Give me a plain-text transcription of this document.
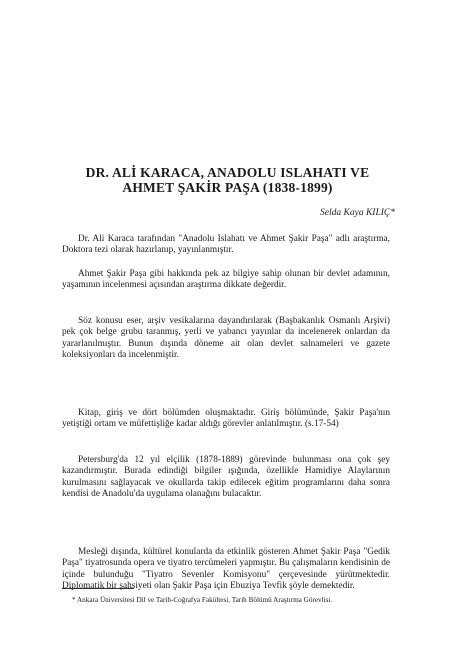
DR. ALİ KARACA, ANADOLU ISLAHATI VE
AHMET ŞAKİR PAŞA (1838-1899)

Selda Kaya KILIÇ*

Dr. Ali Karaca tarafından "Anadolu Islahatı ve Ahmet Şakir Paşa" adlı araştırma, Doktora tezi olarak hazırlanıp, yayınlanmıştır.

Ahmet Şakir Paşa gibi hakkında pek az bilgiye sahip olunan bir devlet adamının, yaşamının incelenmesi açısından araştırma dikkate değerdir.

Söz konusu eser, arşiv vesikalarına dayandırılarak (Başbakanlık Osmanlı Arşivi) pek çok belge grubu taranmış, yerli ve yabancı yayınlar da incelenerek onlardan da yararlanılmıştır. Bunun dışında döneme ait olan devlet salnameleri ve gazete koleksiyonları da incelenmiştir.

Kitap, giriş ve dört bölümden oluşmaktadır. Giriş bölümünde, Şakir Paşa'nın yetiştiği ortam ve müfettişliğe kadar aldığı görevler anlatılmıştır. (s.17-54)

Petersburg'da 12 yıl elçilik (1878-1889) görevinde bulunması ona çok şey kazandırmıştır. Burada edindiği bilgiler ışığında, özellikle Hamidiye Alaylarının kurulmasını sağlayacak ve okullarda takip edilecek eğitim programlarını daha sonra kendisi de Anadolu'da uygulama olanağını bulacaktır.

Mesleği dışında, kültürel konularda da etkinlik gösteren Ahmet Şakir Paşa "Gedik Paşa" tiyatrosunda opera ve tiyatro tercümeleri yapmıştır. Bu çalışmaların kendisinin de içinde bulunduğu "Tiyatro Sevenler Komisyonu" çerçevesinde yürütmektedir. Diplomatik bir şahsiyeti olan Şakir Paşa için Ebuziya Tevfik şöyle demektedir.

* Ankara Üniversitesi Dil ve Tarih-Coğrafya Fakültesi, Tarih Bölümü Araştırma Görevlisi.
